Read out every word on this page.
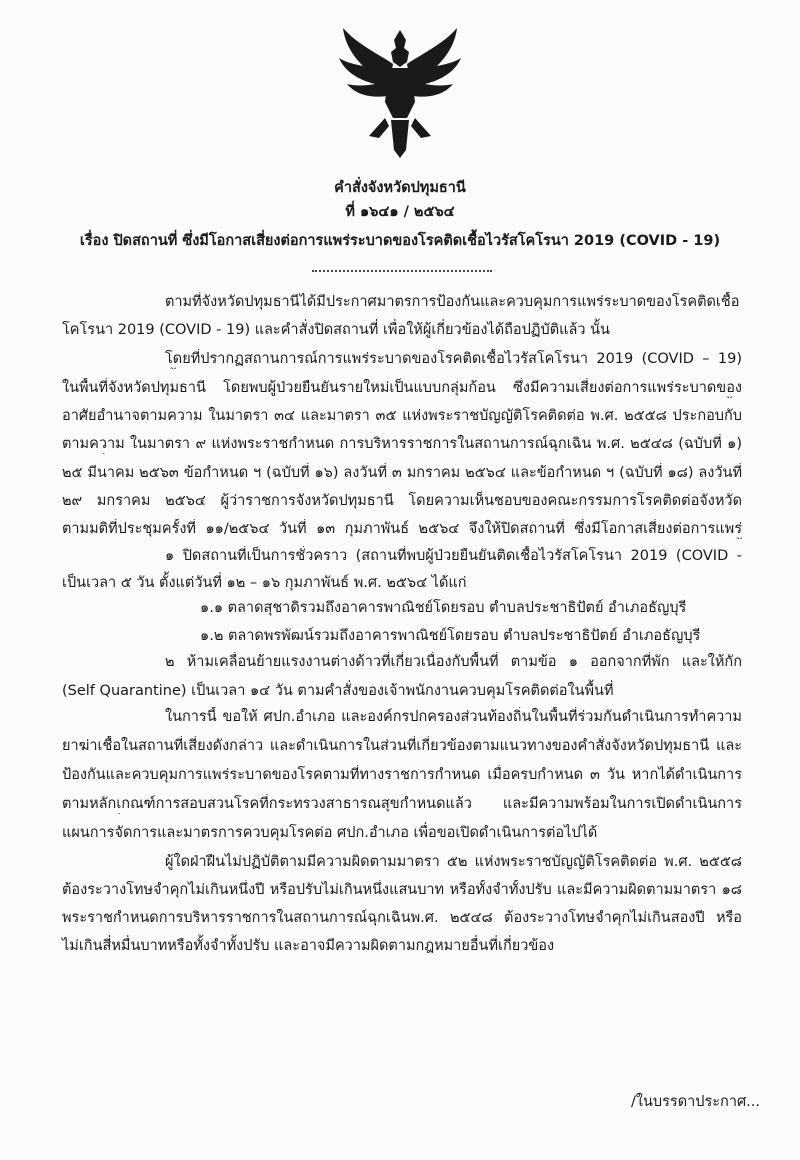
คำสั่งจังหวัดปทุมธานี
ที่ ๑๖๔๑ / ๒๕๖๔
เรื่อง ปิดสถานที่ ซึ่งมีโอกาสเสี่ยงต่อการแพร่ระบาดของโรคติดเชื้อไวรัสโคโรนา 2019 (COVID - 19)
ตามที่จังหวัดปทุมธานีได้มีประกาศมาตรการป้องกันและควบคุมการแพร่ระบาดของโรคติดเชื้อ
โคโรนา 2019 (COVID - 19) และคำสั่งปิดสถานที่ เพื่อให้ผู้เกี่ยวข้องได้ถือปฏิบัติแล้ว นั้น
โดยที่ปรากฏสถานการณ์การแพร่ระบาดของโรคติดเชื้อไวรัสโคโรนา 2019 (COVID – 19)
ในพื้นที่จังหวัดปทุมธานี โดยพบผู้ป่วยยืนยันรายใหม่เป็นแบบกลุ่มก้อน ซึ่งมีความเสี่ยงต่อการแพร่ระบาดของ
อาศัยอำนาจตามความ ในมาตรา ๓๔ และมาตรา ๓๕ แห่งพระราชบัญญัติโรคติดต่อ พ.ศ. ๒๕๕๘ ประกอบกับ
ตามความ ในมาตรา ๙ แห่งพระราชกำหนด การบริหารราชการในสถานการณ์ฉุกเฉิน พ.ศ. ๒๕๔๘ (ฉบับที่ ๑)
๒๕ มีนาคม ๒๕๖๓ ข้อกำหนด ฯ (ฉบับที่ ๑๖) ลงวันที่ ๓ มกราคม ๒๕๖๔ และข้อกำหนด ฯ (ฉบับที่ ๑๘) ลงวันที่
๒๙ มกราคม ๒๕๖๔ ผู้ว่าราชการจังหวัดปทุมธานี โดยความเห็นชอบของคณะกรรมการโรคติดต่อจังหวัด
ตามมติที่ประชุมครั้งที่ ๑๑/๒๕๖๔ วันที่ ๑๓ กุมภาพันธ์ ๒๕๖๔ จึงให้ปิดสถานที่ ซึ่งมีโอกาสเสี่ยงต่อการแพร่
๑ ปิดสถานที่เป็นการชั่วคราว (สถานที่พบผู้ป่วยยืนยันติดเชื้อไวรัสโคโรนา 2019 (COVID -
เป็นเวลา ๕ วัน ตั้งแต่วันที่ ๑๒ – ๑๖ กุมภาพันธ์ พ.ศ. ๒๕๖๔ ได้แก่
๑.๑ ตลาดสุชาดิรวมถึงอาคารพาณิชย์โดยรอบ ตำบลประชาธิปัตย์ อำเภอธัญบุรี
๑.๒ ตลาดพรพัฒน์รวมถึงอาคารพาณิชย์โดยรอบ ตำบลประชาธิปัตย์ อำเภอธัญบุรี
๒ ห้ามเคลื่อนย้ายแรงงานต่างด้าวที่เกี่ยวเนื่องกับพื้นที่ ตามข้อ ๑ ออกจากที่พัก และให้กัก
(Self Quarantine) เป็นเวลา ๑๔ วัน ตามคำสั่งของเจ้าพนักงานควบคุมโรคติดต่อในพื้นที่
ในการนี้ ขอให้ ศปก.อำเภอ และองค์กรปกครองส่วนท้องถิ่นในพื้นที่ร่วมกันดำเนินการทำความ
ยาฆ่าเชื้อในสถานที่เสี่ยงดังกล่าว และดำเนินการในส่วนที่เกี่ยวข้องตามแนวทางของคำสั่งจังหวัดปทุมธานี และ
ป้องกันและควบคุมการแพร่ระบาดของโรคตามที่ทางราชการกำหนด เมื่อครบกำหนด ๓ วัน หากได้ดำเนินการ
ตามหลักเกณฑ์การสอบสวนโรคที่กระทรวงสาธารณสุขกำหนดแล้ว และมีความพร้อมในการเปิดดำเนินการ
แผนการจัดการและมาตรการควบคุมโรคต่อ ศปก.อำเภอ เพื่อขอเปิดดำเนินการต่อไปได้
ผู้ใดฝ่าฝืนไม่ปฏิบัติตามมีความผิดตามมาตรา ๕๒ แห่งพระราชบัญญัติโรคติดต่อ พ.ศ. ๒๕๕๘
ต้องระวางโทษจำคุกไม่เกินหนึ่งปี หรือปรับไม่เกินหนึ่งแสนบาท หรือทั้งจำทั้งปรับ และมีความผิดตามมาตรา ๑๘
พระราชกำหนดการบริหารราชการในสถานการณ์ฉุกเฉินพ.ศ. ๒๕๔๘ ต้องระวางโทษจำคุกไม่เกินสองปี หรือ
ไม่เกินสี่หมื่นบาทหรือทั้งจำทั้งปรับ และอาจมีความผิดตามกฎหมายอื่นที่เกี่ยวข้อง
/ในบรรดาประกาศ...
